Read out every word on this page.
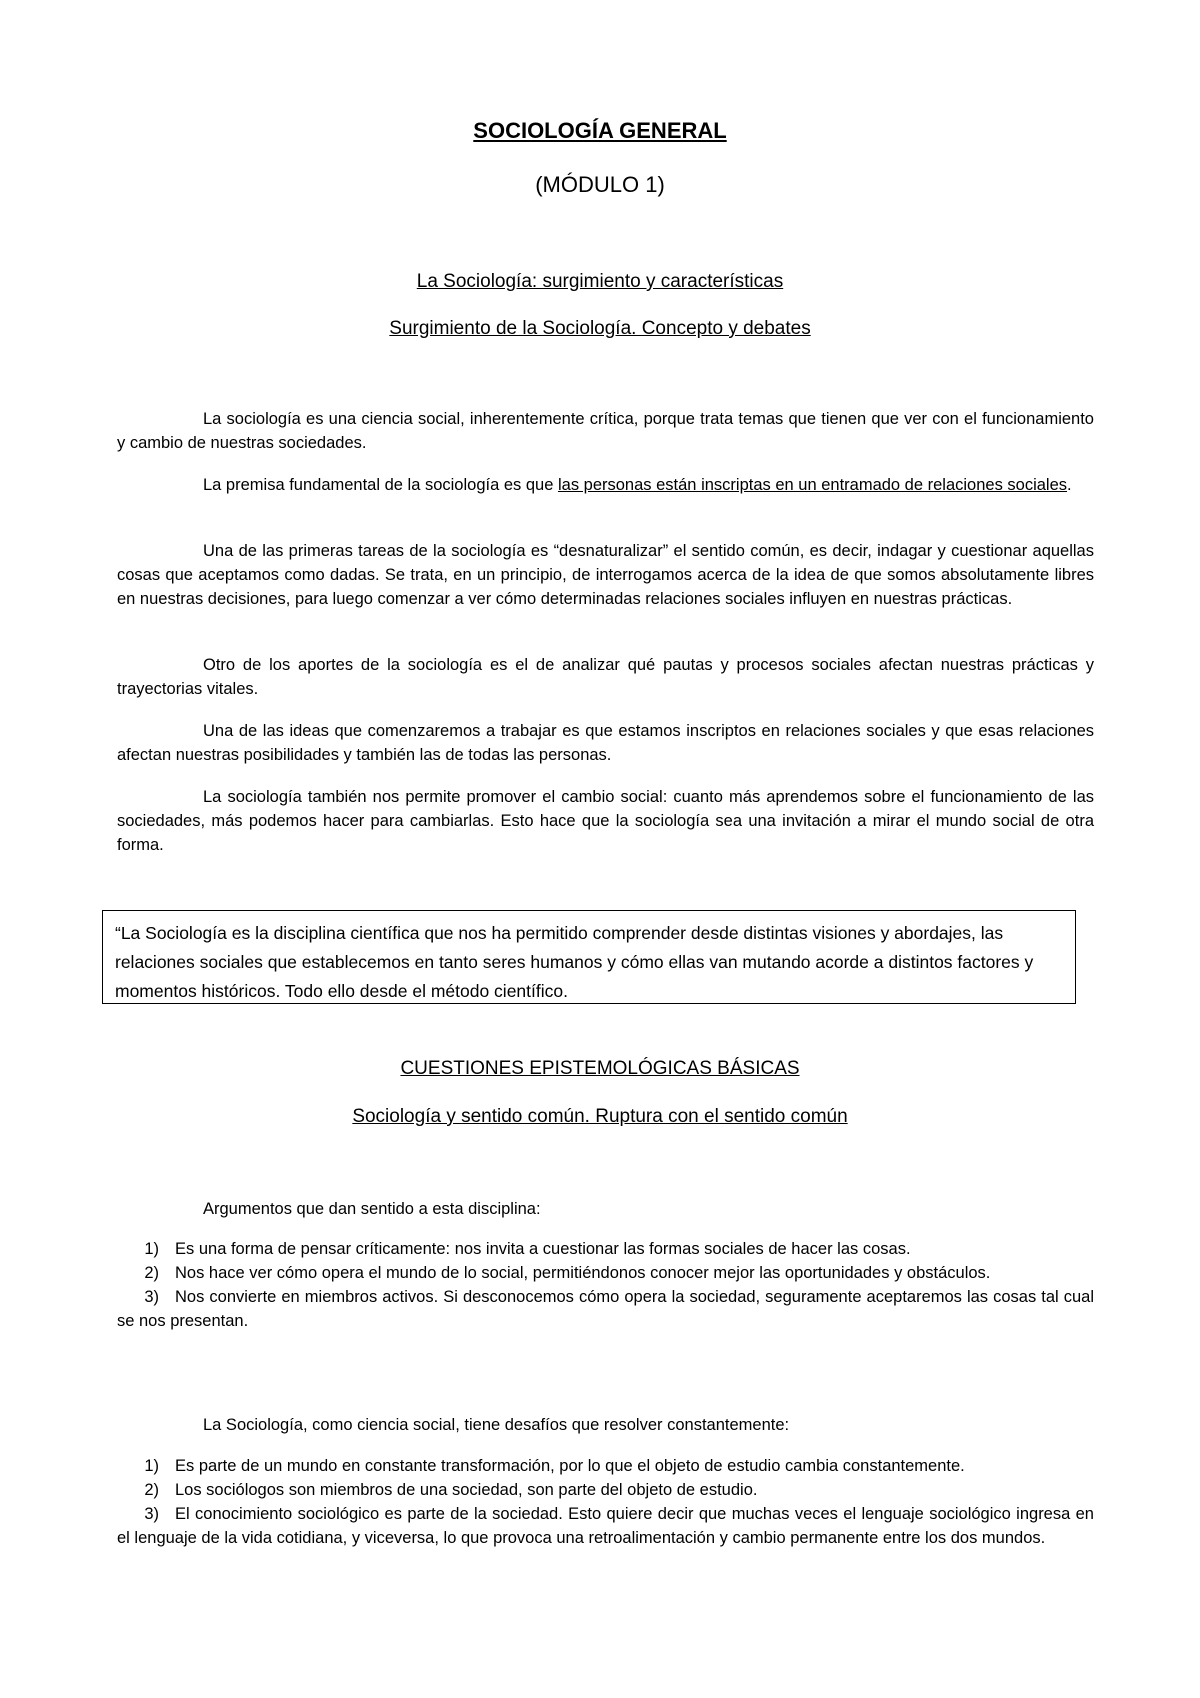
SOCIOLOGÍA GENERAL
(MÓDULO 1)
La Sociología: surgimiento y características
Surgimiento de la Sociología. Concepto y debates

La sociología es una ciencia social, inherentemente crítica, porque trata temas que tienen que ver con el funcionamiento y cambio de nuestras sociedades.

La premisa fundamental de la sociología es que las personas están inscriptas en un entramado de relaciones sociales.

Una de las primeras tareas de la sociología es “desnaturalizar” el sentido común, es decir, indagar y cuestionar aquellas cosas que aceptamos como dadas. Se trata, en un principio, de interrogamos acerca de la idea de que somos absolutamente libres en nuestras decisiones, para luego comenzar a ver cómo determinadas relaciones sociales influyen en nuestras prácticas.

Otro de los aportes de la sociología es el de analizar qué pautas y procesos sociales afectan nuestras prácticas y trayectorias vitales.

Una de las ideas que comenzaremos a trabajar es que estamos inscriptos en relaciones sociales y que esas relaciones afectan nuestras posibilidades y también las de todas las personas.

La sociología también nos permite promover el cambio social: cuanto más aprendemos sobre el funcionamiento de las sociedades, más podemos hacer para cambiarlas. Esto hace que la sociología sea una invitación a mirar el mundo social de otra forma.

“La Sociología es la disciplina científica que nos ha permitido comprender desde distintas visiones y abordajes, las relaciones sociales que establecemos en tanto seres humanos y cómo ellas van mutando acorde a distintos factores y momentos históricos. Todo ello desde el método científico.
CUESTIONES EPISTEMOLÓGICAS BÁSICAS
Sociología y sentido común. Ruptura con el sentido común

Argumentos que dan sentido a esta disciplina:

1) Es una forma de pensar críticamente: nos invita a cuestionar las formas sociales de hacer las cosas.
2) Nos hace ver cómo opera el mundo de lo social, permitiéndonos conocer mejor las oportunidades y obstáculos.
3) Nos convierte en miembros activos. Si desconocemos cómo opera la sociedad, seguramente aceptaremos las cosas tal cual se nos presentan.

La Sociología, como ciencia social, tiene desafíos que resolver constantemente:

1) Es parte de un mundo en constante transformación, por lo que el objeto de estudio cambia constantemente.
2) Los sociólogos son miembros de una sociedad, son parte del objeto de estudio.
3) El conocimiento sociológico es parte de la sociedad. Esto quiere decir que muchas veces el lenguaje sociológico ingresa en el lenguaje de la vida cotidiana, y viceversa, lo que provoca una retroalimentación y cambio permanente entre los dos mundos.
